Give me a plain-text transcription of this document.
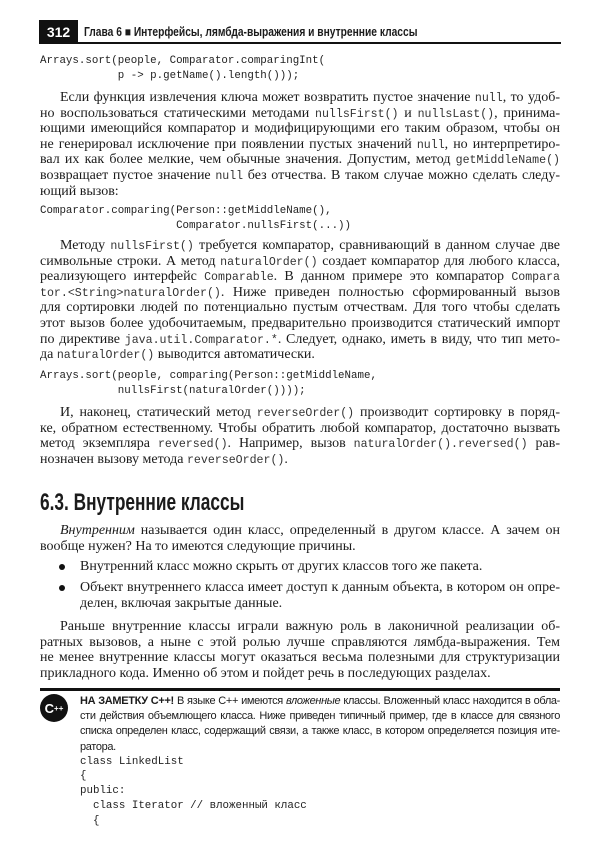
312	Глава 6 ■ Интерфейсы, лямбда-выражения и внутренние классы
Arrays.sort(people, Comparator.comparingInt(
p -> p.getName().length()));
Если функция извлечения ключа может возвратить пустое значение null, то удоб-
но воспользоваться статическими методами nullsFirst() и nullsLast(), принима-
ющими имеющийся компаратор и модифицирующими его таким образом, чтобы он
не генерировал исключение при появлении пустых значений null, но интерпретиро-
вал их как более мелкие, чем обычные значения. Допустим, метод getMiddleName()
возвращает пустое значение null без отчества. В таком случае можно сделать следу-
ющий вызов:
Comparator.comparing(Person::getMiddleName(),
Comparator.nullsFirst(...))
Методу nullsFirst() требуется компаратор, сравнивающий в данном случае две
символьные строки. А метод naturalOrder() создает компаратор для любого класса,
реализующего интерфейс Comparable. В данном примере это компаратор Compara
tor.<String>naturalOrder(). Ниже приведен полностью сформированный вызов
для сортировки людей по потенциально пустым отчествам. Для того чтобы сделать
этот вызов более удобочитаемым, предварительно производится статический импорт
по директиве java.util.Comparator.*. Следует, однако, иметь в виду, что тип мето-
да naturalOrder() выводится автоматически.
Arrays.sort(people, comparing(Person::getMiddleName,
nullsFirst(naturalOrder())));
И, наконец, статический метод reverseOrder() производит сортировку в поряд-
ке, обратном естественному. Чтобы обратить любой компаратор, достаточно вызвать
метод экземпляра reversed(). Например, вызов naturalOrder().reversed() рав-
нозначен вызову метода reverseOrder().
Внутренним называется один класс, определенный в другом классе. А зачем он
вообще нужен? На то имеются следующие причины.
Внутренний класс можно скрыть от других классов того же пакета.
Объект внутреннего класса имеет доступ к данным объекта, в котором он опре-
делен, включая закрытые данные.
Раньше внутренние классы играли важную роль в лаконичной реализации об-
ратных вызовов, а ныне с этой ролью лучше справляются лямбда-выражения. Тем
не менее внутренние классы могут оказаться весьма полезными для структуризации
прикладного кода. Именно об этом и пойдет речь в последующих разделах.
НА ЗАМЕТКУ C++! В языке C++ имеются вложенные классы. Вложенный класс находится в обла-
сти действия объемлющего класса. Ниже приведен типичный пример, где в классе для связного
списка определен класс, содержащий связи, а также класс, в котором определяется позиция ите-
ратора.
class LinkedList
{
public:
class Iterator // вложенный класс
{
6.3. Внутренние классы
C ++
